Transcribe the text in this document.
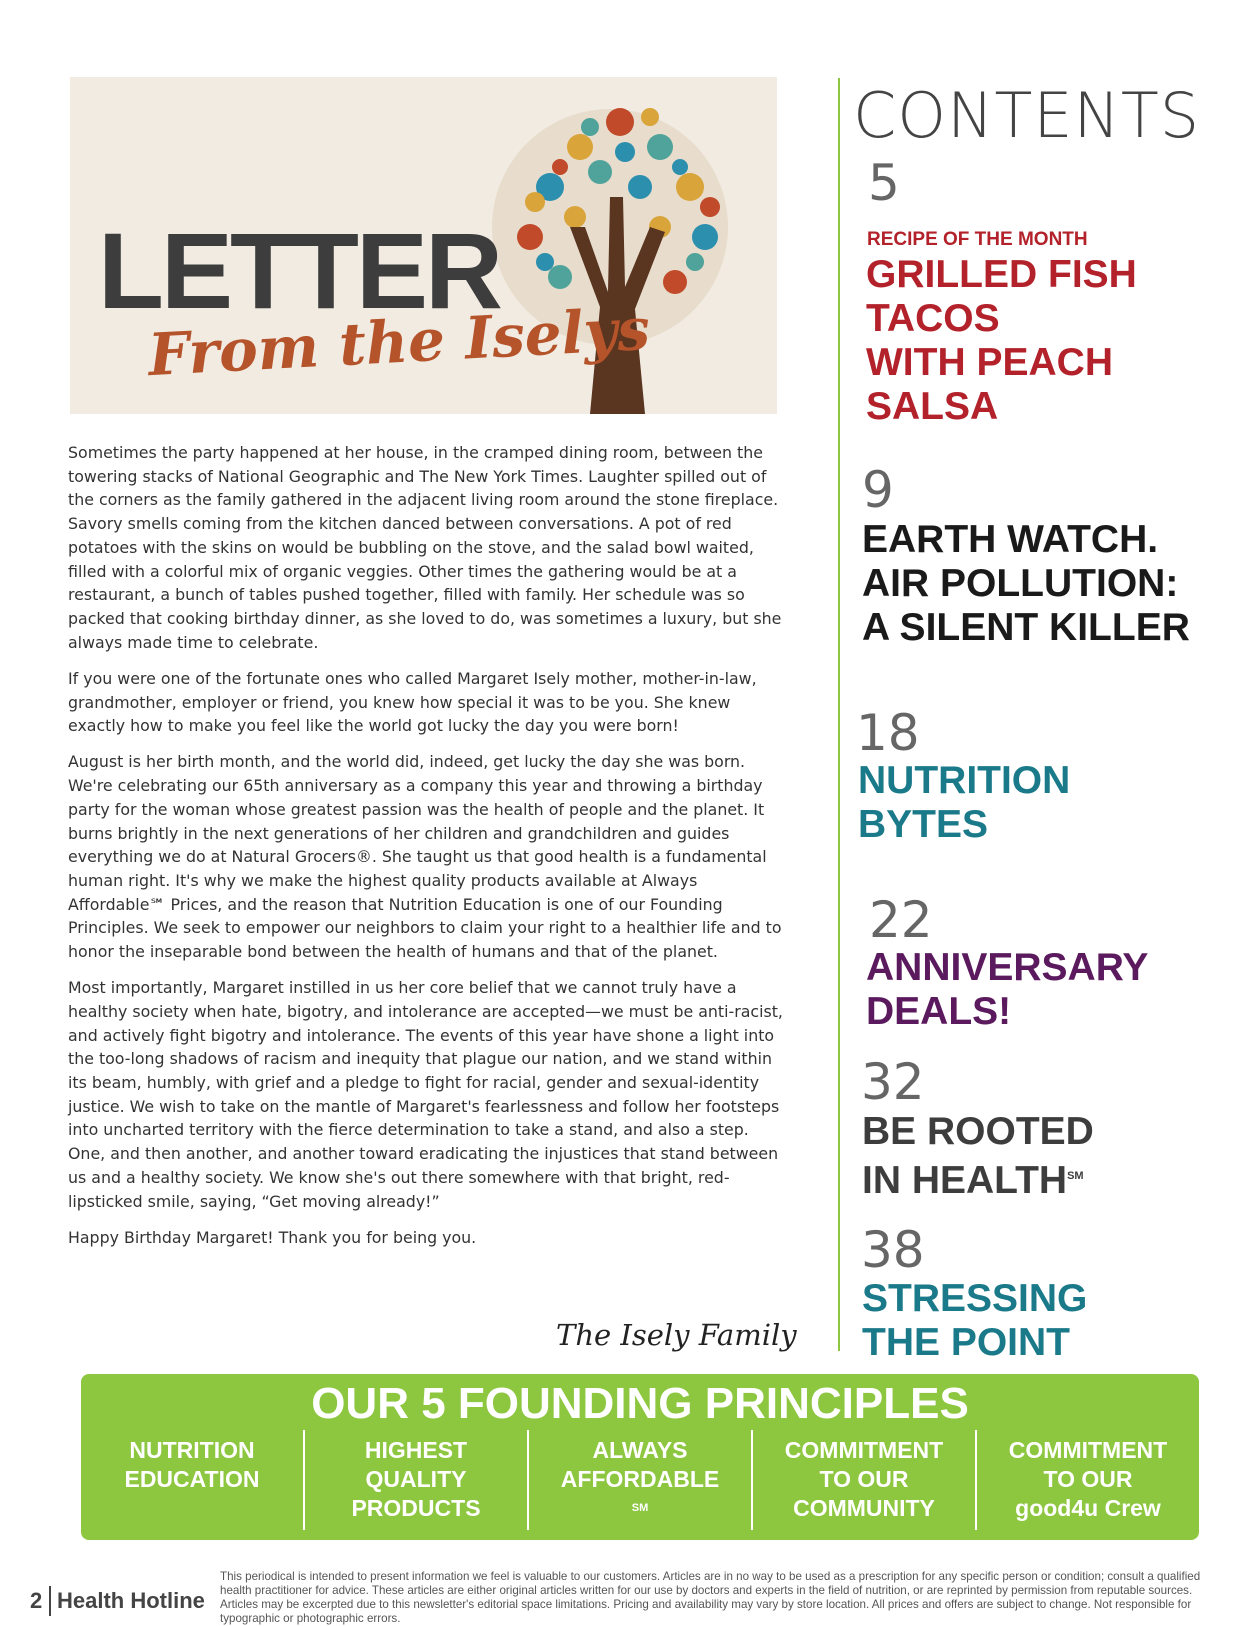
LETTER
From the Iselys

Sometimes the party happened at her house, in the cramped dining room, between the towering stacks of National Geographic and The New York Times. Laughter spilled out of the corners as the family gathered in the adjacent living room around the stone fireplace. Savory smells coming from the kitchen danced between conversations. A pot of red potatoes with the skins on would be bubbling on the stove, and the salad bowl waited, filled with a colorful mix of organic veggies. Other times the gathering would be at a restaurant, a bunch of tables pushed together, filled with family. Her schedule was so packed that cooking birthday dinner, as she loved to do, was sometimes a luxury, but she always made time to celebrate.

If you were one of the fortunate ones who called Margaret Isely mother, mother-in-law, grandmother, employer or friend, you knew how special it was to be you. She knew exactly how to make you feel like the world got lucky the day you were born!

August is her birth month, and the world did, indeed, get lucky the day she was born. We're celebrating our 65th anniversary as a company this year and throwing a birthday party for the woman whose greatest passion was the health of people and the planet. It burns brightly in the next generations of her children and grandchildren and guides everything we do at Natural Grocers®. She taught us that good health is a fundamental human right. It's why we make the highest quality products available at Always Affordable℠ Prices, and the reason that Nutrition Education is one of our Founding Principles. We seek to empower our neighbors to claim your right to a healthier life and to honor the inseparable bond between the health of humans and that of the planet.

Most importantly, Margaret instilled in us her core belief that we cannot truly have a healthy society when hate, bigotry, and intolerance are accepted—we must be anti-racist, and actively fight bigotry and intolerance. The events of this year have shone a light into the too-long shadows of racism and inequity that plague our nation, and we stand within its beam, humbly, with grief and a pledge to fight for racial, gender and sexual-identity justice. We wish to take on the mantle of Margaret's fearlessness and follow her footsteps into uncharted territory with the fierce determination to take a stand, and also a step. One, and then another, and another toward eradicating the injustices that stand between us and a healthy society. We know she's out there somewhere with that bright, red-lipsticked smile, saying, “Get moving already!”

Happy Birthday Margaret! Thank you for being you.

The Isely Family
CONTENTS
5
RECIPE OF THE MONTH
GRILLED FISH
TACOS
WITH PEACH
SALSA
9
EARTH WATCH.
AIR POLLUTION:
A SILENT KILLER
18
NUTRITION
BYTES
22
ANNIVERSARY
DEALS!
32
BE ROOTED
IN HEALTH℠
38
STRESSING
THE POINT
OUR 5 FOUNDING PRINCIPLES
NUTRITION
EDUCATION
HIGHEST
QUALITY
PRODUCTS
ALWAYS
AFFORDABLE
SM
COMMITMENT
TO OUR
COMMUNITY
COMMITMENT
TO OUR
good4u Crew
2 Health Hotline
This periodical is intended to present information we feel is valuable to our customers. Articles are in no way to be used as a prescription for any specific person or condition; consult a qualified health practitioner for advice. These articles are either original articles written for our use by doctors and experts in the field of nutrition, or are reprinted by permission from reputable sources. Articles may be excerpted due to this newsletter's editorial space limitations. Pricing and availability may vary by store location. All prices and offers are subject to change. Not responsible for typographic or photographic errors.
